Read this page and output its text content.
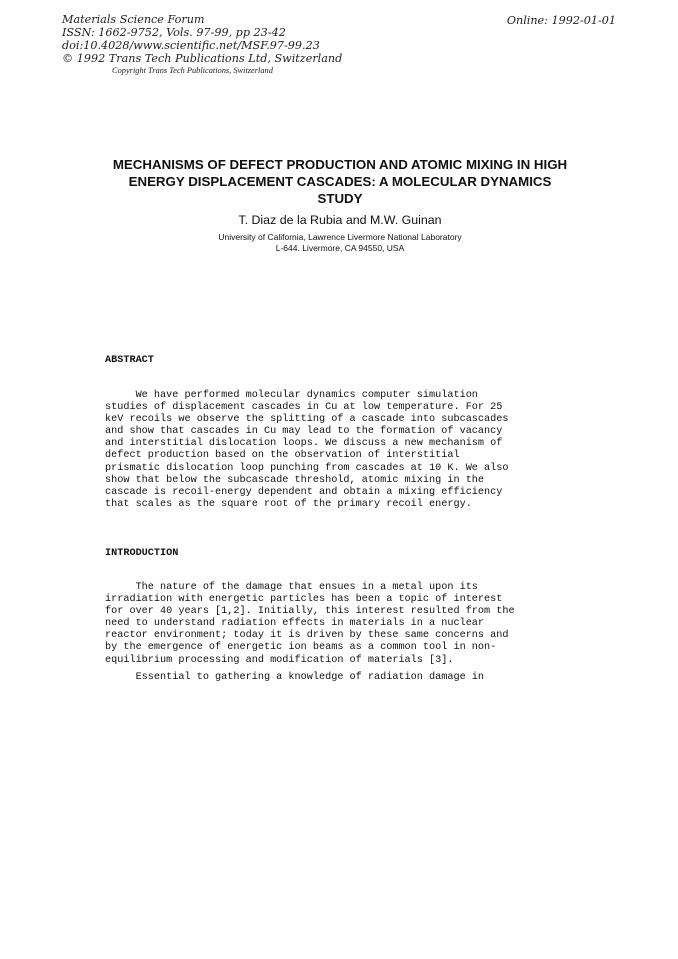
Materials Science Forum
ISSN: 1662-9752, Vols. 97-99, pp 23-42
doi:10.4028/www.scientific.net/MSF.97-99.23
© 1992 Trans Tech Publications Ltd, Switzerland
Copyright Trans Tech Publications, Switzerland
Online: 1992-01-01
MECHANISMS OF DEFECT PRODUCTION AND ATOMIC MIXING IN HIGH
ENERGY DISPLACEMENT CASCADES: A MOLECULAR DYNAMICS
STUDY
T. Diaz de la Rubia and M.W. Guinan
University of California, Lawrence Livermore National Laboratory
L-644. Livermore, CA 94550, USA
ABSTRACT
We have performed molecular dynamics computer simulation
studies of displacement cascades in Cu at low temperature. For 25
keV recoils we observe the splitting of a cascade into subcascades
and show that cascades in Cu may lead to the formation of vacancy
and interstitial dislocation loops. We discuss a new mechanism of
defect production based on the observation of interstitial
prismatic dislocation loop punching from cascades at 10 K. We also
show that below the subcascade threshold, atomic mixing in the
cascade is recoil-energy dependent and obtain a mixing efficiency
that scales as the square root of the primary recoil energy.
INTRODUCTION
The nature of the damage that ensues in a metal upon its
irradiation with energetic particles has been a topic of interest
for over 40 years [1,2]. Initially, this interest resulted from the
need to understand radiation effects in materials in a nuclear
reactor environment; today it is driven by these same concerns and
by the emergence of energetic ion beams as a common tool in non-
equilibrium processing and modification of materials [3].
Essential to gathering a knowledge of radiation damage in
